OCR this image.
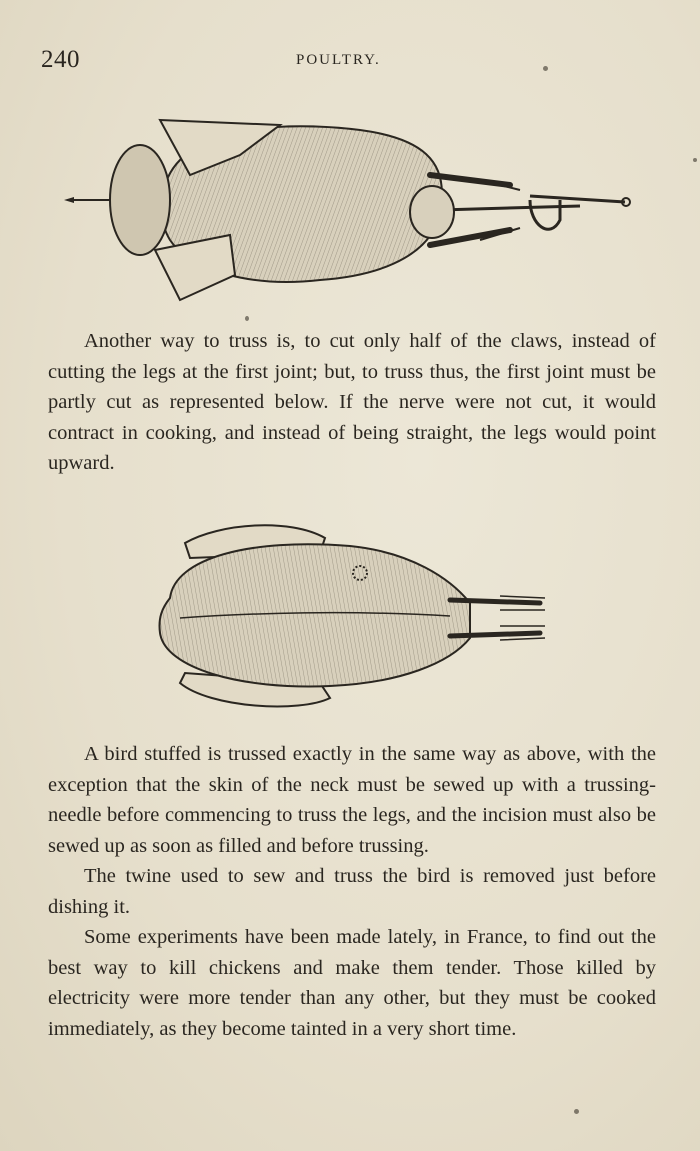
240	POULTRY.

Another way to truss is, to cut only half of the claws, instead of cutting the legs at the first joint; but, to truss thus, the first joint must be partly cut as represented below. If the nerve were not cut, it would contract in cooking, and instead of being straight, the legs would point upward.

A bird stuffed is trussed exactly in the same way as above, with the exception that the skin of the neck must be sewed up with a trussing-needle before commencing to truss the legs, and the incision must also be sewed up as soon as filled and before trussing.

The twine used to sew and truss the bird is removed just before dishing it.

Some experiments have been made lately, in France, to find out the best way to kill chickens and make them tender. Those killed by electricity were more tender than any other, but they must be cooked immediately, as they become tainted in a very short time.
